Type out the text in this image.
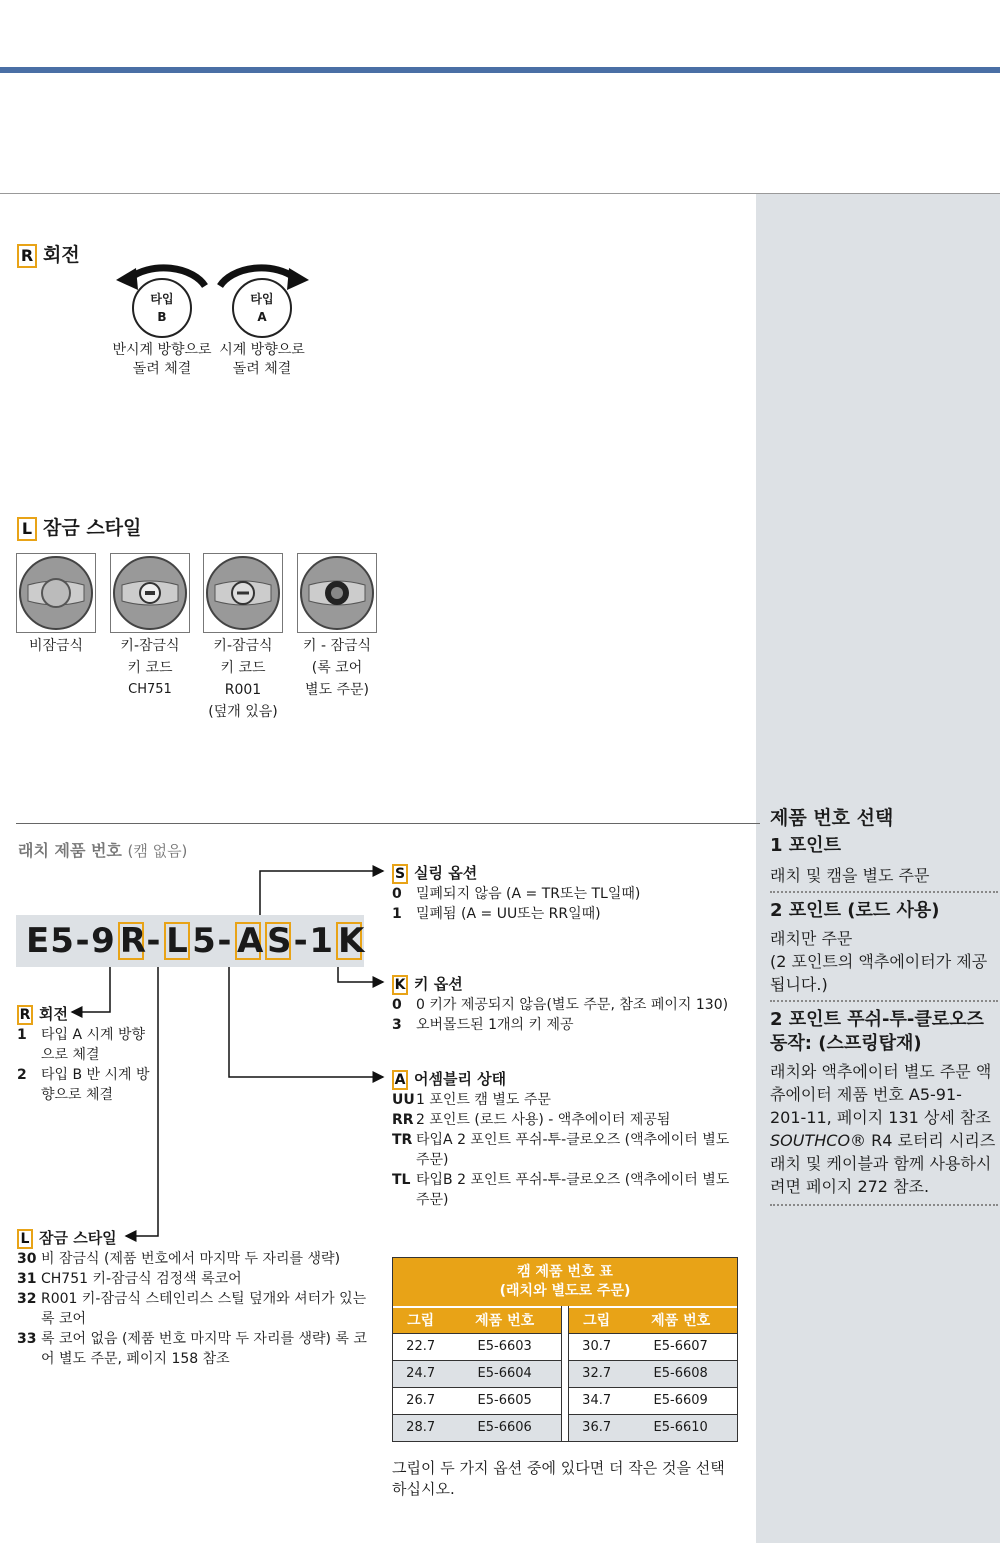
R 회전
타입
B
반시계 방향으로
돌려 체결
타입
A
시계 방향으로
돌려 체결
L 잠금 스타일
비잠금식	키-잠금식
키 코드
CH751
키-잠금식
키 코드 R001
(덮개 있음)
키 - 잠금식
(록 코어
별도 주문)
래치 제품 번호 (캠 없음)
E 5 - 9 R - L 5 - A S - 1 K
S 실링 옵션
0	밀폐되지 않음 (A = TR또는 TL일때)
1	밀폐됨 (A = UU또는 RR일때)
K 키 옵션
0	0 키가 제공되지 않음(별도 주문, 참조 페이지 130)
3	오버몰드된 1개의 키 제공
A 어셈블리 상태
UU 1 포인트 캠 별도 주문
RR 2 포인트 (로드 사용) - 액추에이터 제공됨
TR 타입A 2 포인트 푸쉬-투-클로오즈 (액추에이터 별도 주문)
TL 타입B 2 포인트 푸쉬-투-클로오즈 (액추에이터 별도 주문)
R 회전
1	타입 A 시계 방향으로 체결
2	타입 B 반 시계 방향으로 체결
L 잠금 스타일
30 비 잠금식 (제품 번호에서 마지막 두 자리를 생략)
31 CH751 키-잠금식 검정색 록코어
32 R001 키-잠금식 스테인리스 스틸 덮개와 셔터가 있는 록 코어
33 록 코어 없음 (제품 번호 마지막 두 자리를 생략) 록 코어 별도 주문, 페이지 158 참조
캠 제품 번호 표
(래치와 별도로 주문)
그립	제품 번호
22.7	E5-6603
24.7	E5-6604
26.7	E5-6605
28.7	E5-6606
그립	제품 번호
30.7	E5-6607
32.7	E5-6608
34.7	E5-6609
36.7	E5-6610
그립이 두 가지 옵션 중에 있다면 더 작은 것을 선택하십시오.
제품 번호 선택
1 포인트
래치 및 캠을 별도 주문
2 포인트 (로드 사용)
래치만 주문
(2 포인트의 액추에이터가 제공됩니다.)
2 포인트 푸쉬-투-클로오즈 동작: (스프링탑재)
래치와 액추에이터 별도 주문 액츄에이터 제품 번호 A5-91-201-11, 페이지 131 상세 참조
SOUTHCO® R4 로터리 시리즈 래치 및 케이블과 함께 사용하시려면 페이지 272 참조.
